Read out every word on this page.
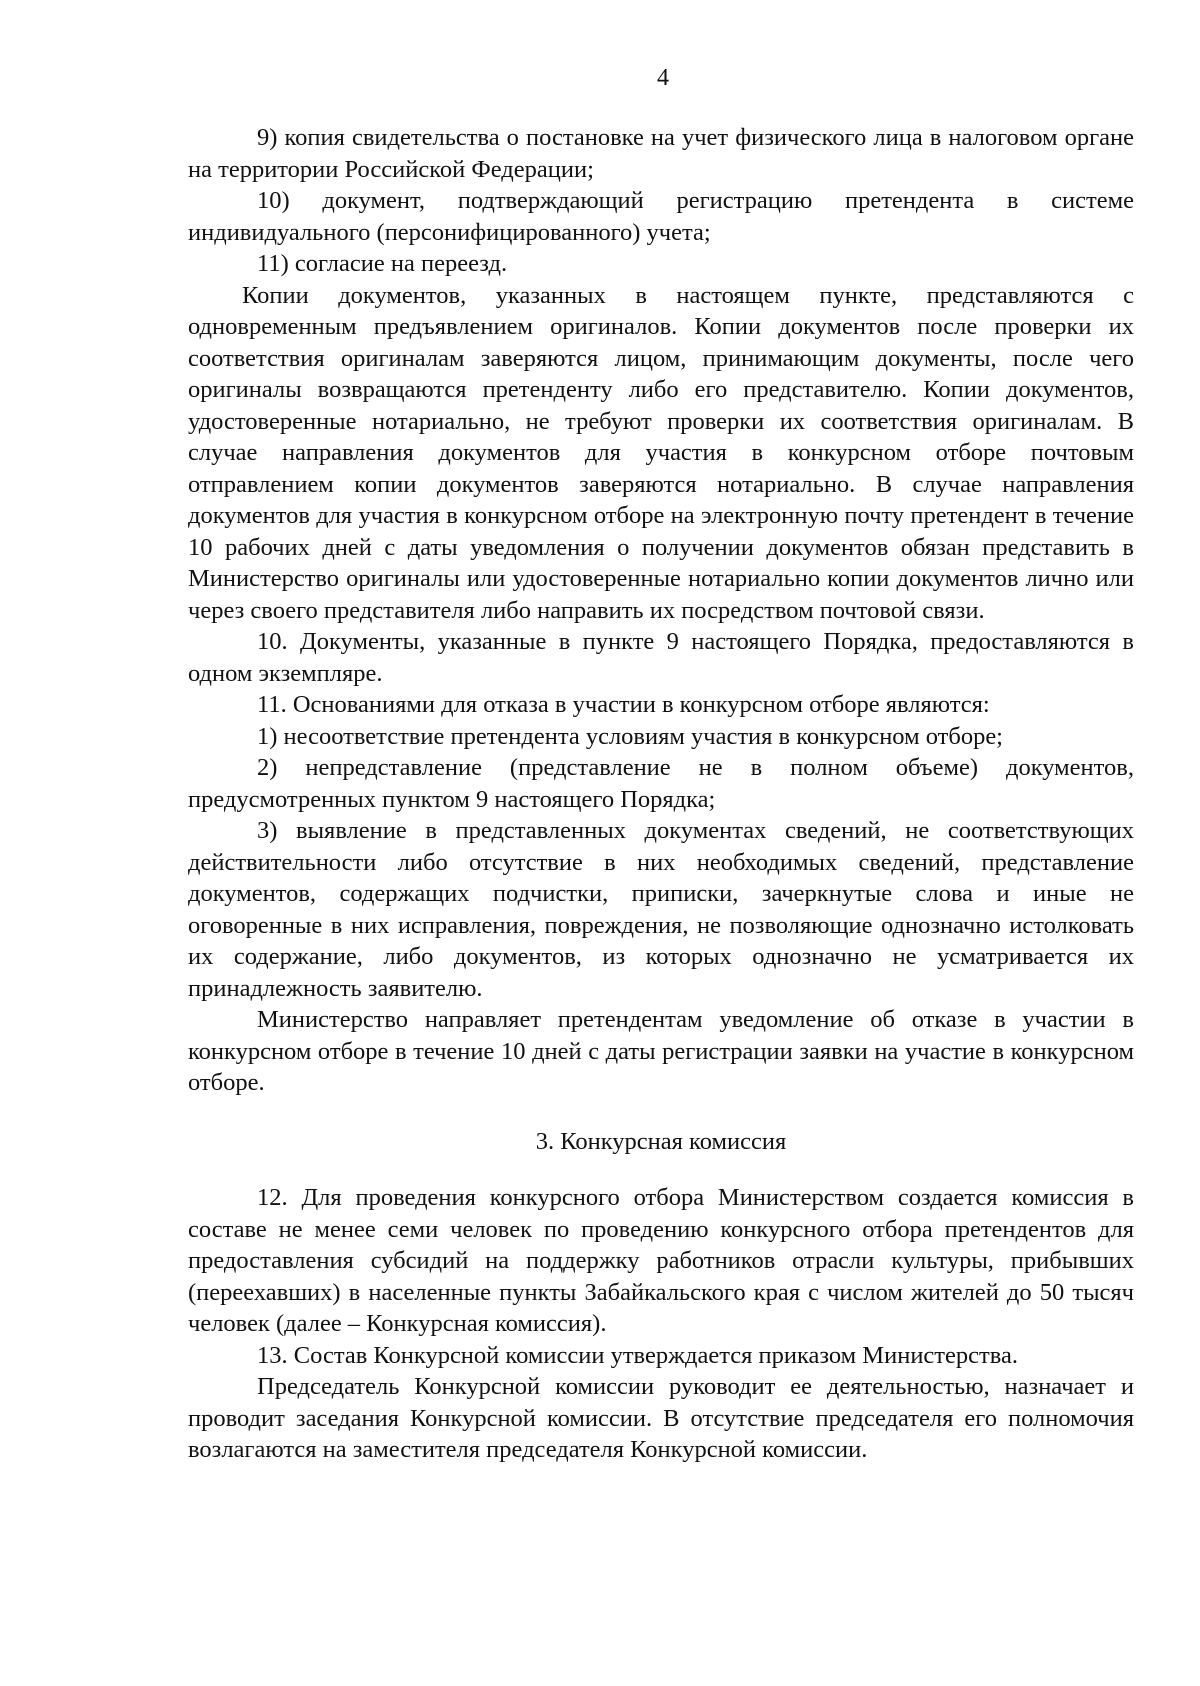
4

9) копия свидетельства о постановке на учет физического лица в налоговом органе на территории Российской Федерации;

10) документ, подтверждающий регистрацию претендента в системе индивидуального (персонифицированного) учета;

11) согласие на переезд.

Копии документов, указанных в настоящем пункте, представляются с одновременным предъявлением оригиналов. Копии документов после проверки их соответствия оригиналам заверяются лицом, принимающим документы, после чего оригиналы возвращаются претенденту либо его представителю. Копии документов, удостоверенные нотариально, не требуют проверки их соответствия оригиналам. В случае направления документов для участия в конкурсном отборе почтовым отправлением копии документов заверяются нотариально. В случае направления документов для участия в конкурсном отборе на электронную почту претендент в течение 10 рабочих дней с даты уведомления о получении документов обязан представить в Министерство оригиналы или удостоверенные нотариально копии документов лично или через своего представителя либо направить их посредством почтовой связи.

10. Документы, указанные в пункте 9 настоящего Порядка, предоставляются в одном экземпляре.

11. Основаниями для отказа в участии в конкурсном отборе являются:

1) несоответствие претендента условиям участия в конкурсном отборе;

2) непредставление (представление не в полном объеме) документов, предусмотренных пунктом 9 настоящего Порядка;

3) выявление в представленных документах сведений, не соответствующих действительности либо отсутствие в них необходимых сведений, представление документов, содержащих подчистки, приписки, зачеркнутые слова и иные не оговоренные в них исправления, повреждения, не позволяющие однозначно истолковать их содержание, либо документов, из которых однозначно не усматривается их принадлежность заявителю.

Министерство направляет претендентам уведомление об отказе в участии в конкурсном отборе в течение 10 дней с даты регистрации заявки на участие в конкурсном отборе.

3. Конкурсная комиссия

12. Для проведения конкурсного отбора Министерством создается комиссия в составе не менее семи человек по проведению конкурсного отбора претендентов для предоставления субсидий на поддержку работников отрасли культуры, прибывших (переехавших) в населенные пункты Забайкальского края с числом жителей до 50 тысяч человек (далее – Конкурсная комиссия).

13. Состав Конкурсной комиссии утверждается приказом Министерства.

Председатель Конкурсной комиссии руководит ее деятельностью, назначает и проводит заседания Конкурсной комиссии. В отсутствие председателя его полномочия возлагаются на заместителя председателя Конкурсной комиссии.
